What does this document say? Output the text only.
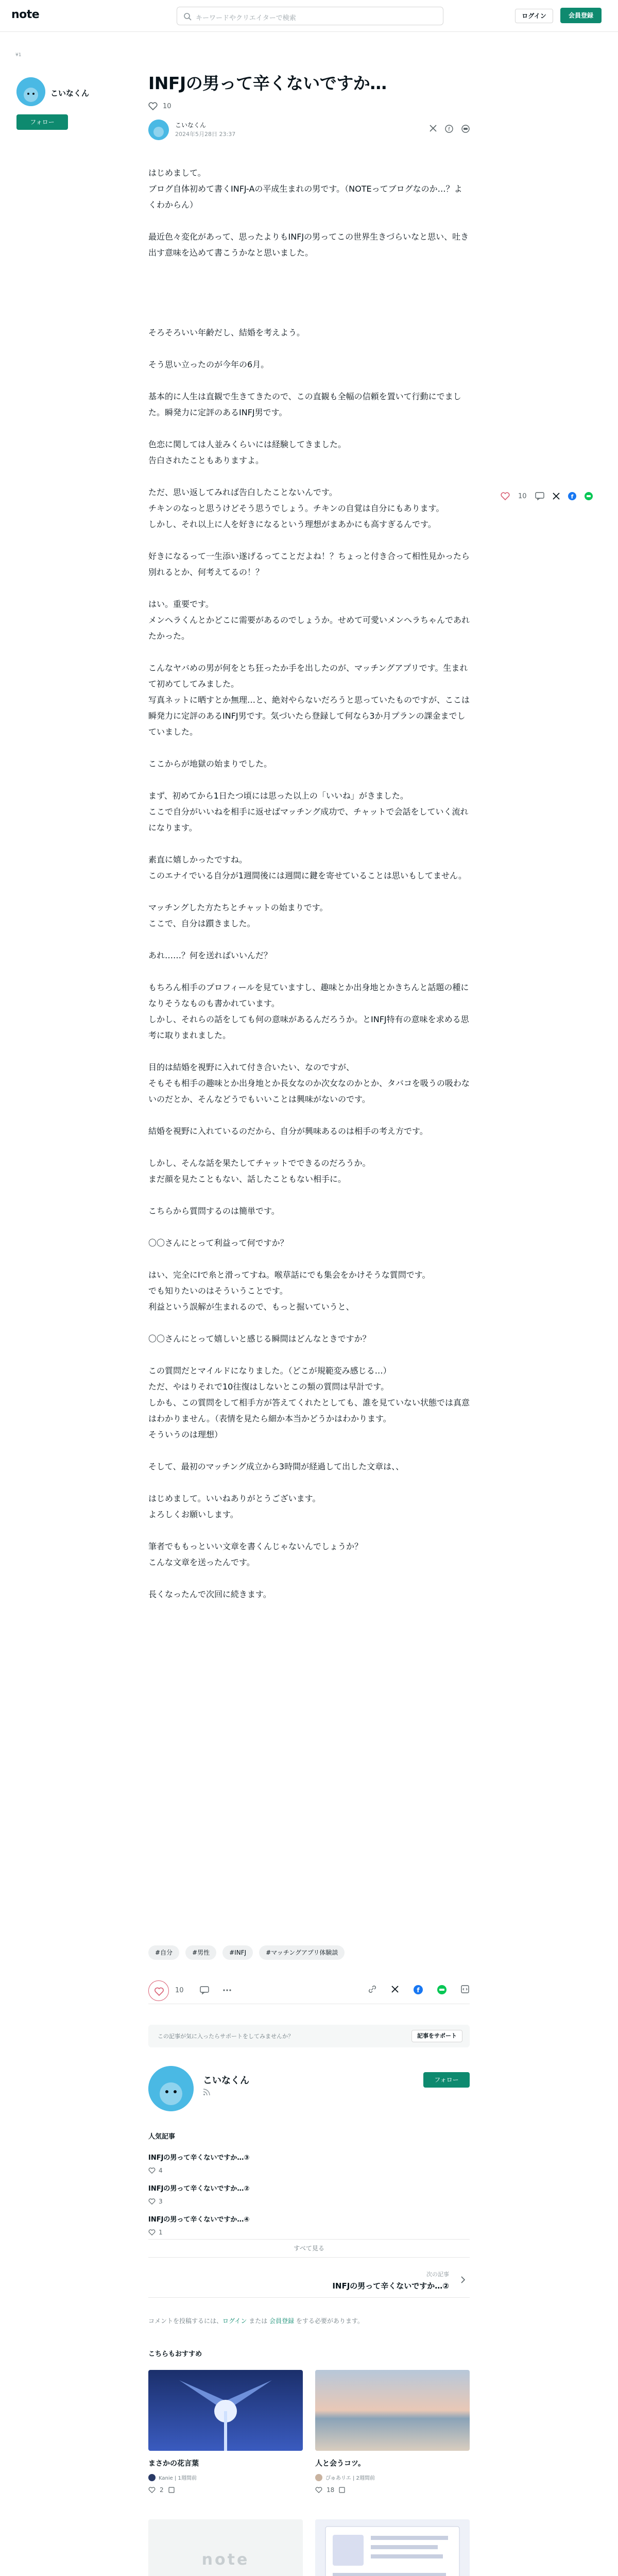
note	キーワードやクリエイターで検索	ログイン	会員登録
¥1
こいなくん
フォロー
10	f
INFJの男って辛くないですか…
10
こいなくん
2024年5月28日 23:37
f

はじめまして。
ブログ自体初めて書くINFJ-Aの平成生まれの男です。（NOTEってブログなのか…？よくわからん）

最近色々変化があって、思ったよりもINFJの男ってこの世界生きづらいなと思い、吐き出す意味を込めて書こうかなと思いました。

そろそろいい年齢だし、結婚を考えよう。

そう思い立ったのが今年の6月。

基本的に人生は直観で生きてきたので、この直観も全幅の信頼を置いて行動にでました。瞬発力に定評のあるINFJ男です。

色恋に関しては人並みくらいには経験してきました。
告白されたこともありますよ。

ただ、思い返してみれば告白したことないんです。
チキンのなっと思うけどそう思うでしょう。チキンの自覚は自分にもあります。
しかし、それ以上に人を好きになるという理想がまあかにも高すぎるんです。

好きになるって一生添い遂げるってことだよね！？ちょっと付き合って相性見かったら別れるとか、何考えてるの！？

はい。重要です。
メンヘラくんとかどこに需要があるのでしょうか。せめて可愛いメンヘラちゃんであれたかった。

こんなヤバめの男が何をとち狂ったか手を出したのが、マッチングアプリです。生まれて初めてしてみました。
写真ネットに晒すとか無理…と、絶対やらないだろうと思っていたものですが、ここは瞬発力に定評のあるINFJ男です。気づいたら登録して何なら3か月プランの課金までしていました。

ここからが地獄の始まりでした。

まず、初めてから1日たつ頃には思った以上の「いいね」がきました。
ここで自分がいいねを相手に返せばマッチング成功で、チャットで会話をしていく流れになります。

素直に嬉しかったですね。
このエナイでいる自分が1週間後には週間に鍵を寄せていることは思いもしてません。

マッチングした方たちとチャットの始まりです。
ここで、自分は躓きました。

あれ……？何を送ればいいんだ？

もちろん相手のプロフィールを見ていますし、趣味とか出身地とかきちんと話題の種になりそうなものも書かれています。
しかし、それらの話をしても何の意味があるんだろうか。とINFJ特有の意味を求める思考に取りまれました。

目的は結婚を視野に入れて付き合いたい、なのですが、
そもそも相手の趣味とか出身地とか長女なのか次女なのかとか、タバコを吸うの吸わないのだとか、そんなどうでもいいことは興味がないのです。

結婚を視野に入れているのだから、自分が興味あるのは相手の考え方です。

しかし、そんな話を果たしてチャットでできるのだろうか。
まだ顔を見たこともない、話したこともない相手に。

こちらから質問するのは簡単です。

〇〇さんにとって利益って何ですか？

はい、完全にIで糸と滑ってすね。喉草話にでも集会をかけそうな質問です。
でも知りたいのはそういうことです。
利益という誤解が生まれるので、もっと掘いていうと、

〇〇さんにとって嬉しいと感じる瞬間はどんなときですか？

この質問だとマイルドになりました。（どこが規範変み感じる…）
ただ、やはりそれで10往復はしないとこの類の質問は早計です。
しかも、この質問をして相手方が答えてくれたとしても、誰を見ていない状態では真意はわかりません。（表情を見たら細か本当かどうかはわかります。
そういうのは理想）

そして、最初のマッチング成立から3時間が経過して出した文章は、、

はじめまして。いいねありがとうございます。
よろしくお願いします。

筆者でももっといい文章を書くんじゃないんでしょうか？
こんな文章を送ったんです。

長くなったんで次回に続きます。

#自分	#男性	#INFJ	#マッチングアプリ体験談
10	f
この記事が気に入ったらサポートをしてみませんか？	記事をサポート
こいなくん	フォロー
人気記事
INFJの男って辛くないですか…③
4
INFJの男って辛くないですか…②
3
INFJの男って辛くないですか…④
1
すべて見る
次の記事
INFJの男って辛くないですか…②
コメントを投稿するには、ログイン または 会員登録 をする必要があります。
こちらもおすすめ
まさかの花言葉
Kanie | 1週間前
2
人と会うコツ。
ぴゅあリエ | 2週間前
18
note
